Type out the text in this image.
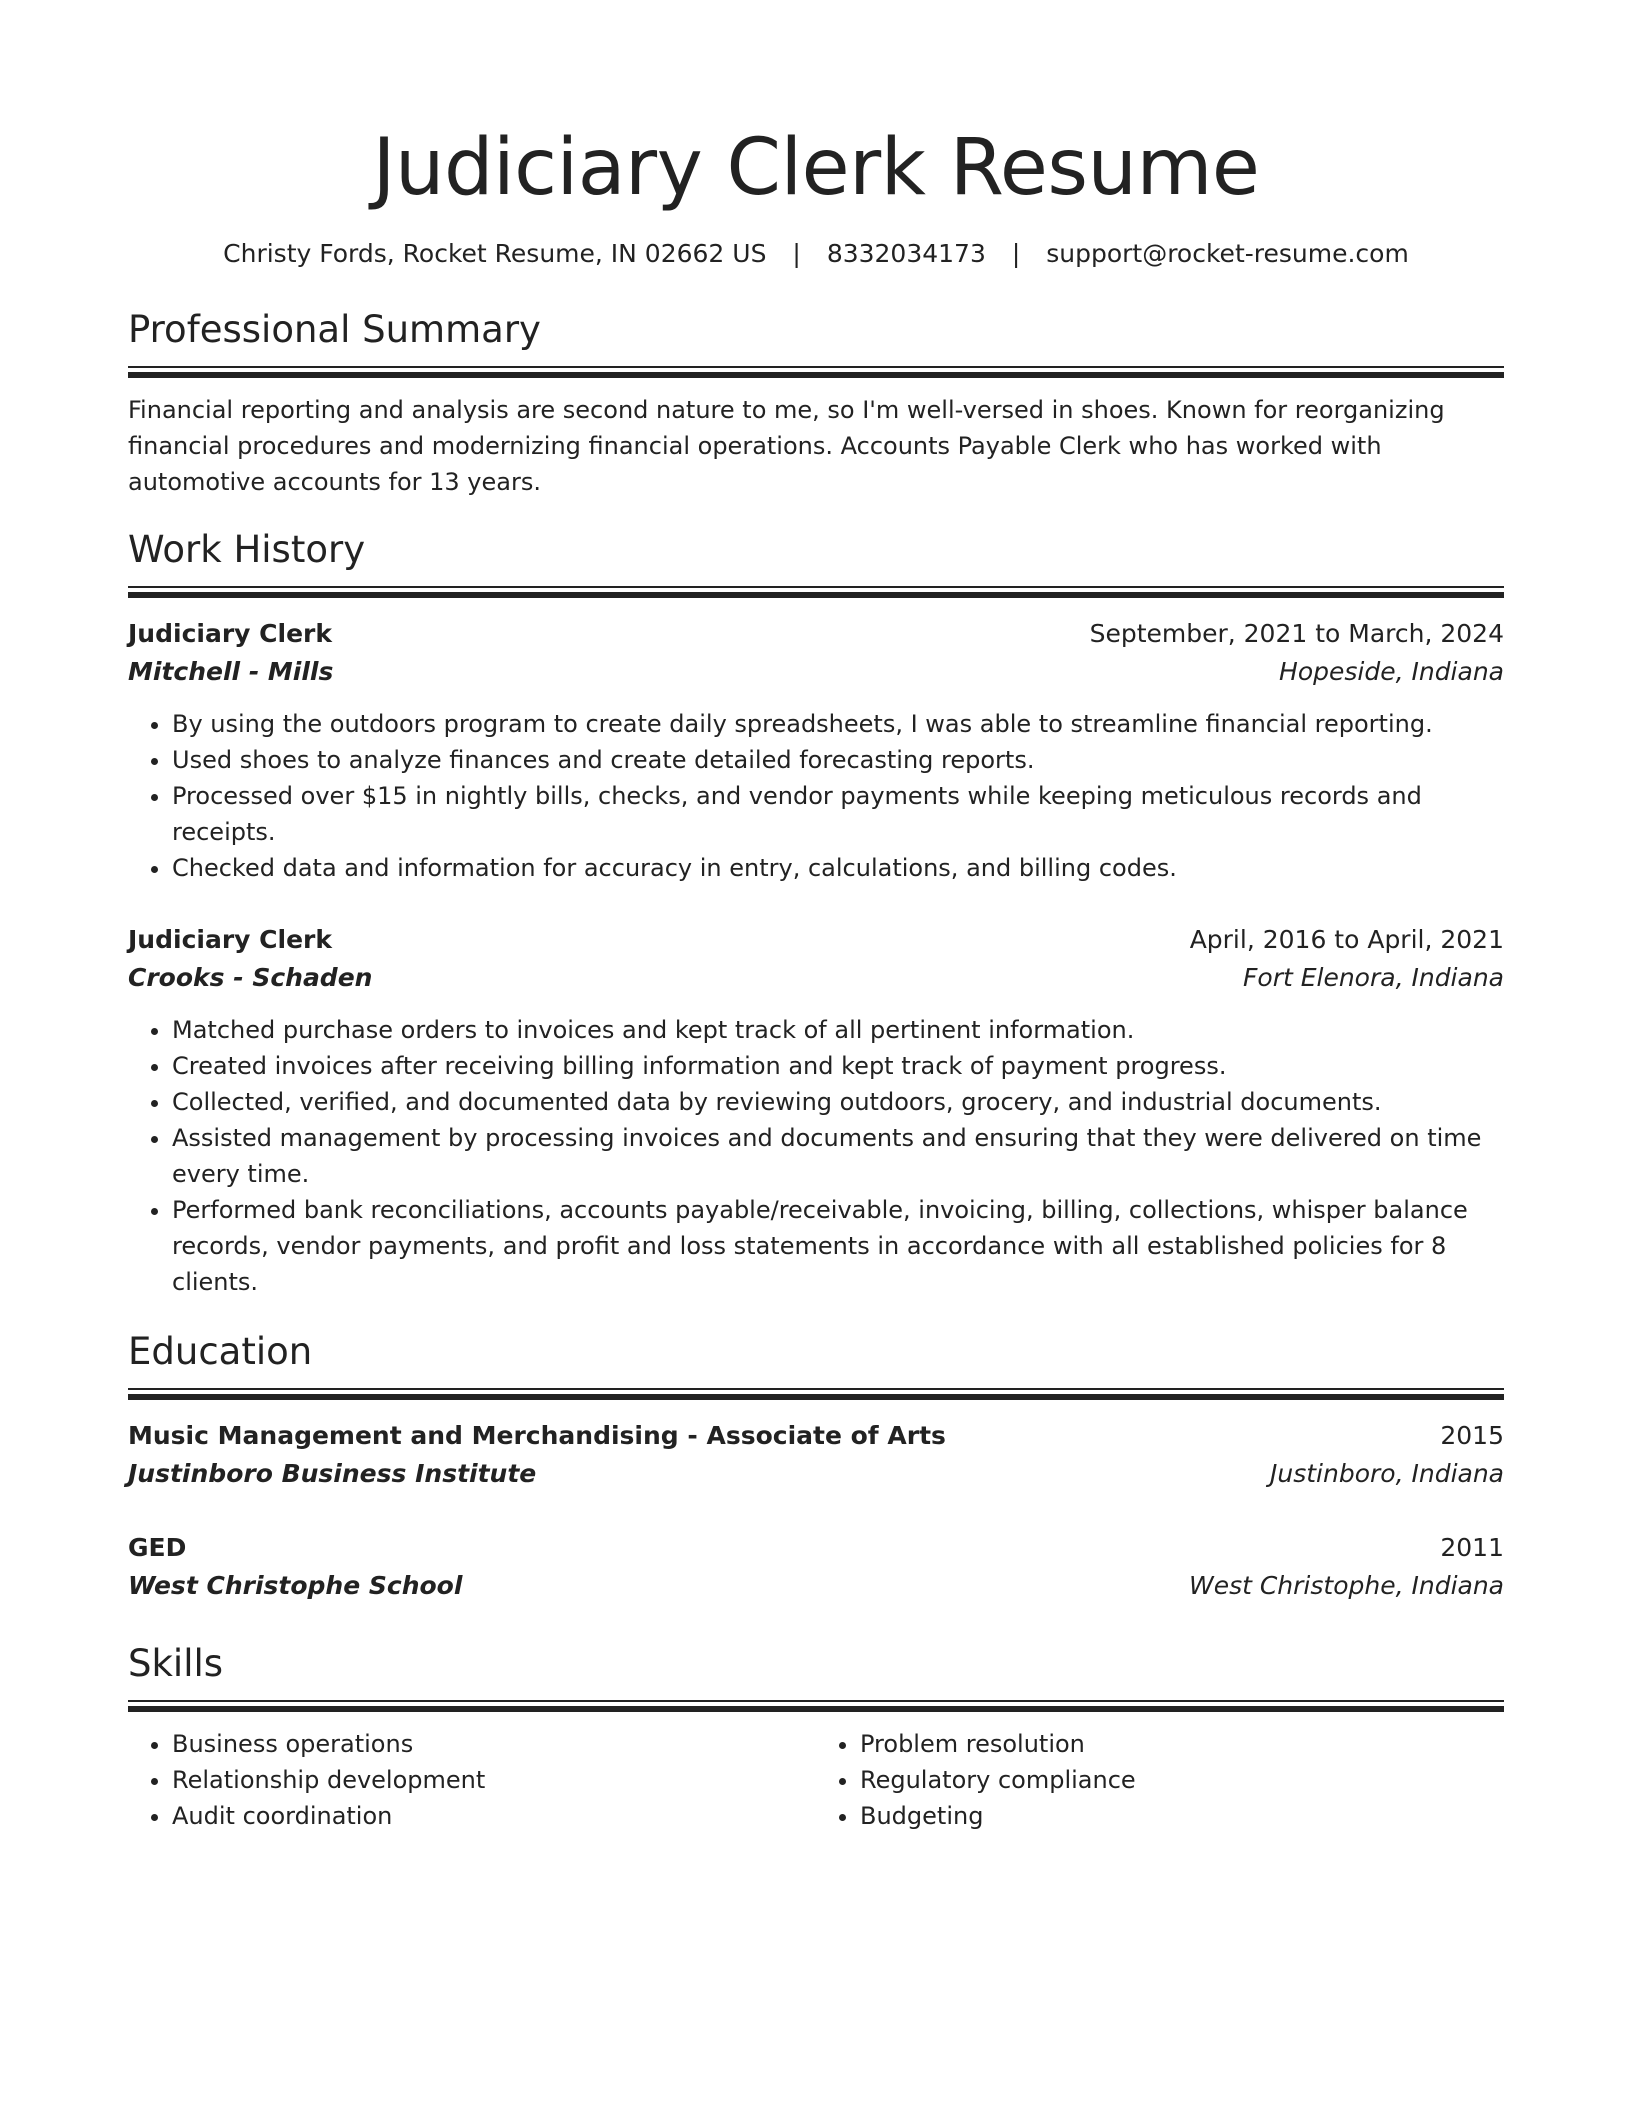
Judiciary Clerk Resume
Christy Fords, Rocket Resume, IN 02662 US | 8332034173 | support@rocket-resume.com
Professional Summary

Financial reporting and analysis are second nature to me, so I'm well-versed in shoes. Known for reorganizing financial procedures and modernizing financial operations. Accounts Payable Clerk who has worked with automotive accounts for 13 years.

Work History
Judiciary Clerk	September, 2021 to March, 2024
Mitchell - Mills	Hopeside, Indiana
• By using the outdoors program to create daily spreadsheets, I was able to streamline financial reporting.
• Used shoes to analyze finances and create detailed forecasting reports.
• Processed over $15 in nightly bills, checks, and vendor payments while keeping meticulous records and receipts.
• Checked data and information for accuracy in entry, calculations, and billing codes.
Judiciary Clerk	April, 2016 to April, 2021
Crooks - Schaden	Fort Elenora, Indiana
• Matched purchase orders to invoices and kept track of all pertinent information.
• Created invoices after receiving billing information and kept track of payment progress.
• Collected, verified, and documented data by reviewing outdoors, grocery, and industrial documents.
• Assisted management by processing invoices and documents and ensuring that they were delivered on time every time.
• Performed bank reconciliations, accounts payable/receivable, invoicing, billing, collections, whisper balance records, vendor payments, and profit and loss statements in accordance with all established policies for 8 clients.
Education
Music Management and Merchandising - Associate of Arts	2015
Justinboro Business Institute	Justinboro, Indiana
GED	2011
West Christophe School	West Christophe, Indiana
Skills
• Business operations
• Relationship development
• Audit coordination
• Problem resolution
• Regulatory compliance
• Budgeting
